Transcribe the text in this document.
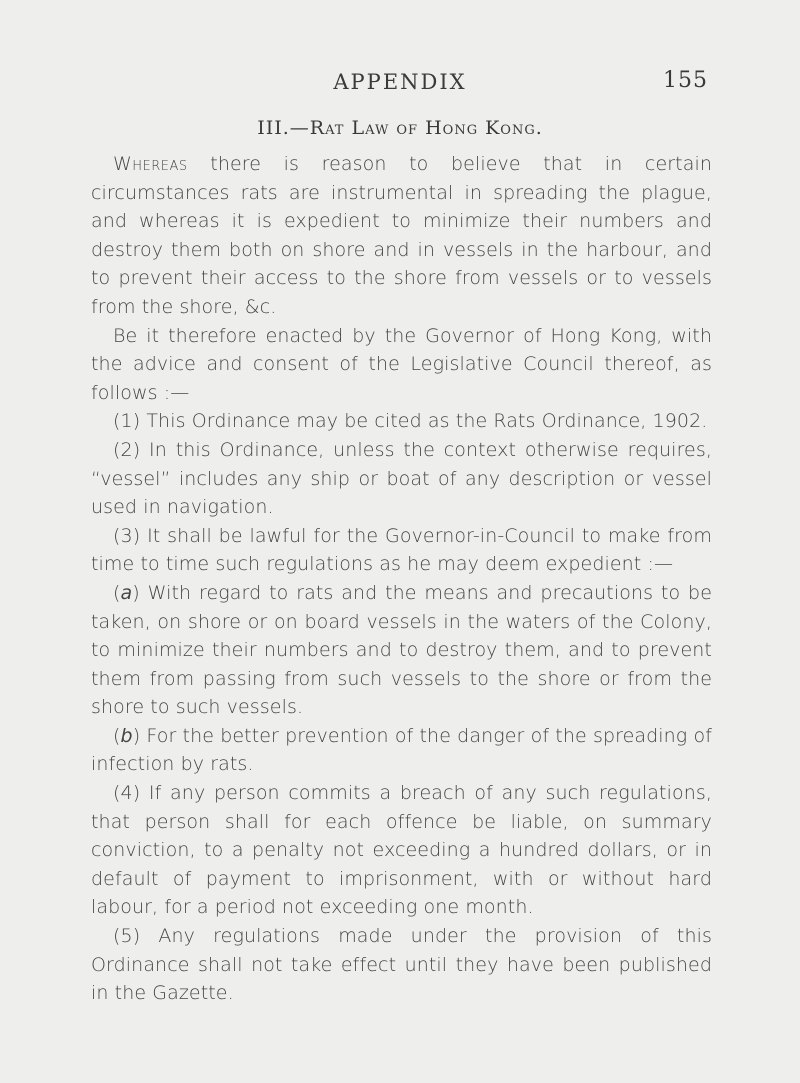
APPENDIX	155
III.—Rat Law of Hong Kong.

Whereas there is reason to believe that in certain circumstances rats are instrumental in spreading the plague, and whereas it is expedient to minimize their numbers and destroy them both on shore and in vessels in the harbour, and to prevent their access to the shore from vessels or to vessels from the shore, &c.

Be it therefore enacted by the Governor of Hong Kong, with the advice and consent of the Legislative Council thereof, as follows :—

(1) This Ordinance may be cited as the Rats Ordinance, 1902.

(2) In this Ordinance, unless the context otherwise requires, “vessel” includes any ship or boat of any description or vessel used in navigation.

(3) It shall be lawful for the Governor-in-Council to make from time to time such regulations as he may deem expedient :—

(a) With regard to rats and the means and precautions to be taken, on shore or on board vessels in the waters of the Colony, to minimize their numbers and to destroy them, and to prevent them from passing from such vessels to the shore or from the shore to such vessels.

(b) For the better prevention of the danger of the spreading of infection by rats.

(4) If any person commits a breach of any such regulations, that person shall for each offence be liable, on summary conviction, to a penalty not exceeding a hundred dollars, or in default of payment to imprisonment, with or without hard labour, for a period not exceeding one month.

(5) Any regulations made under the provision of this Ordinance shall not take effect until they have been published in the Gazette.
